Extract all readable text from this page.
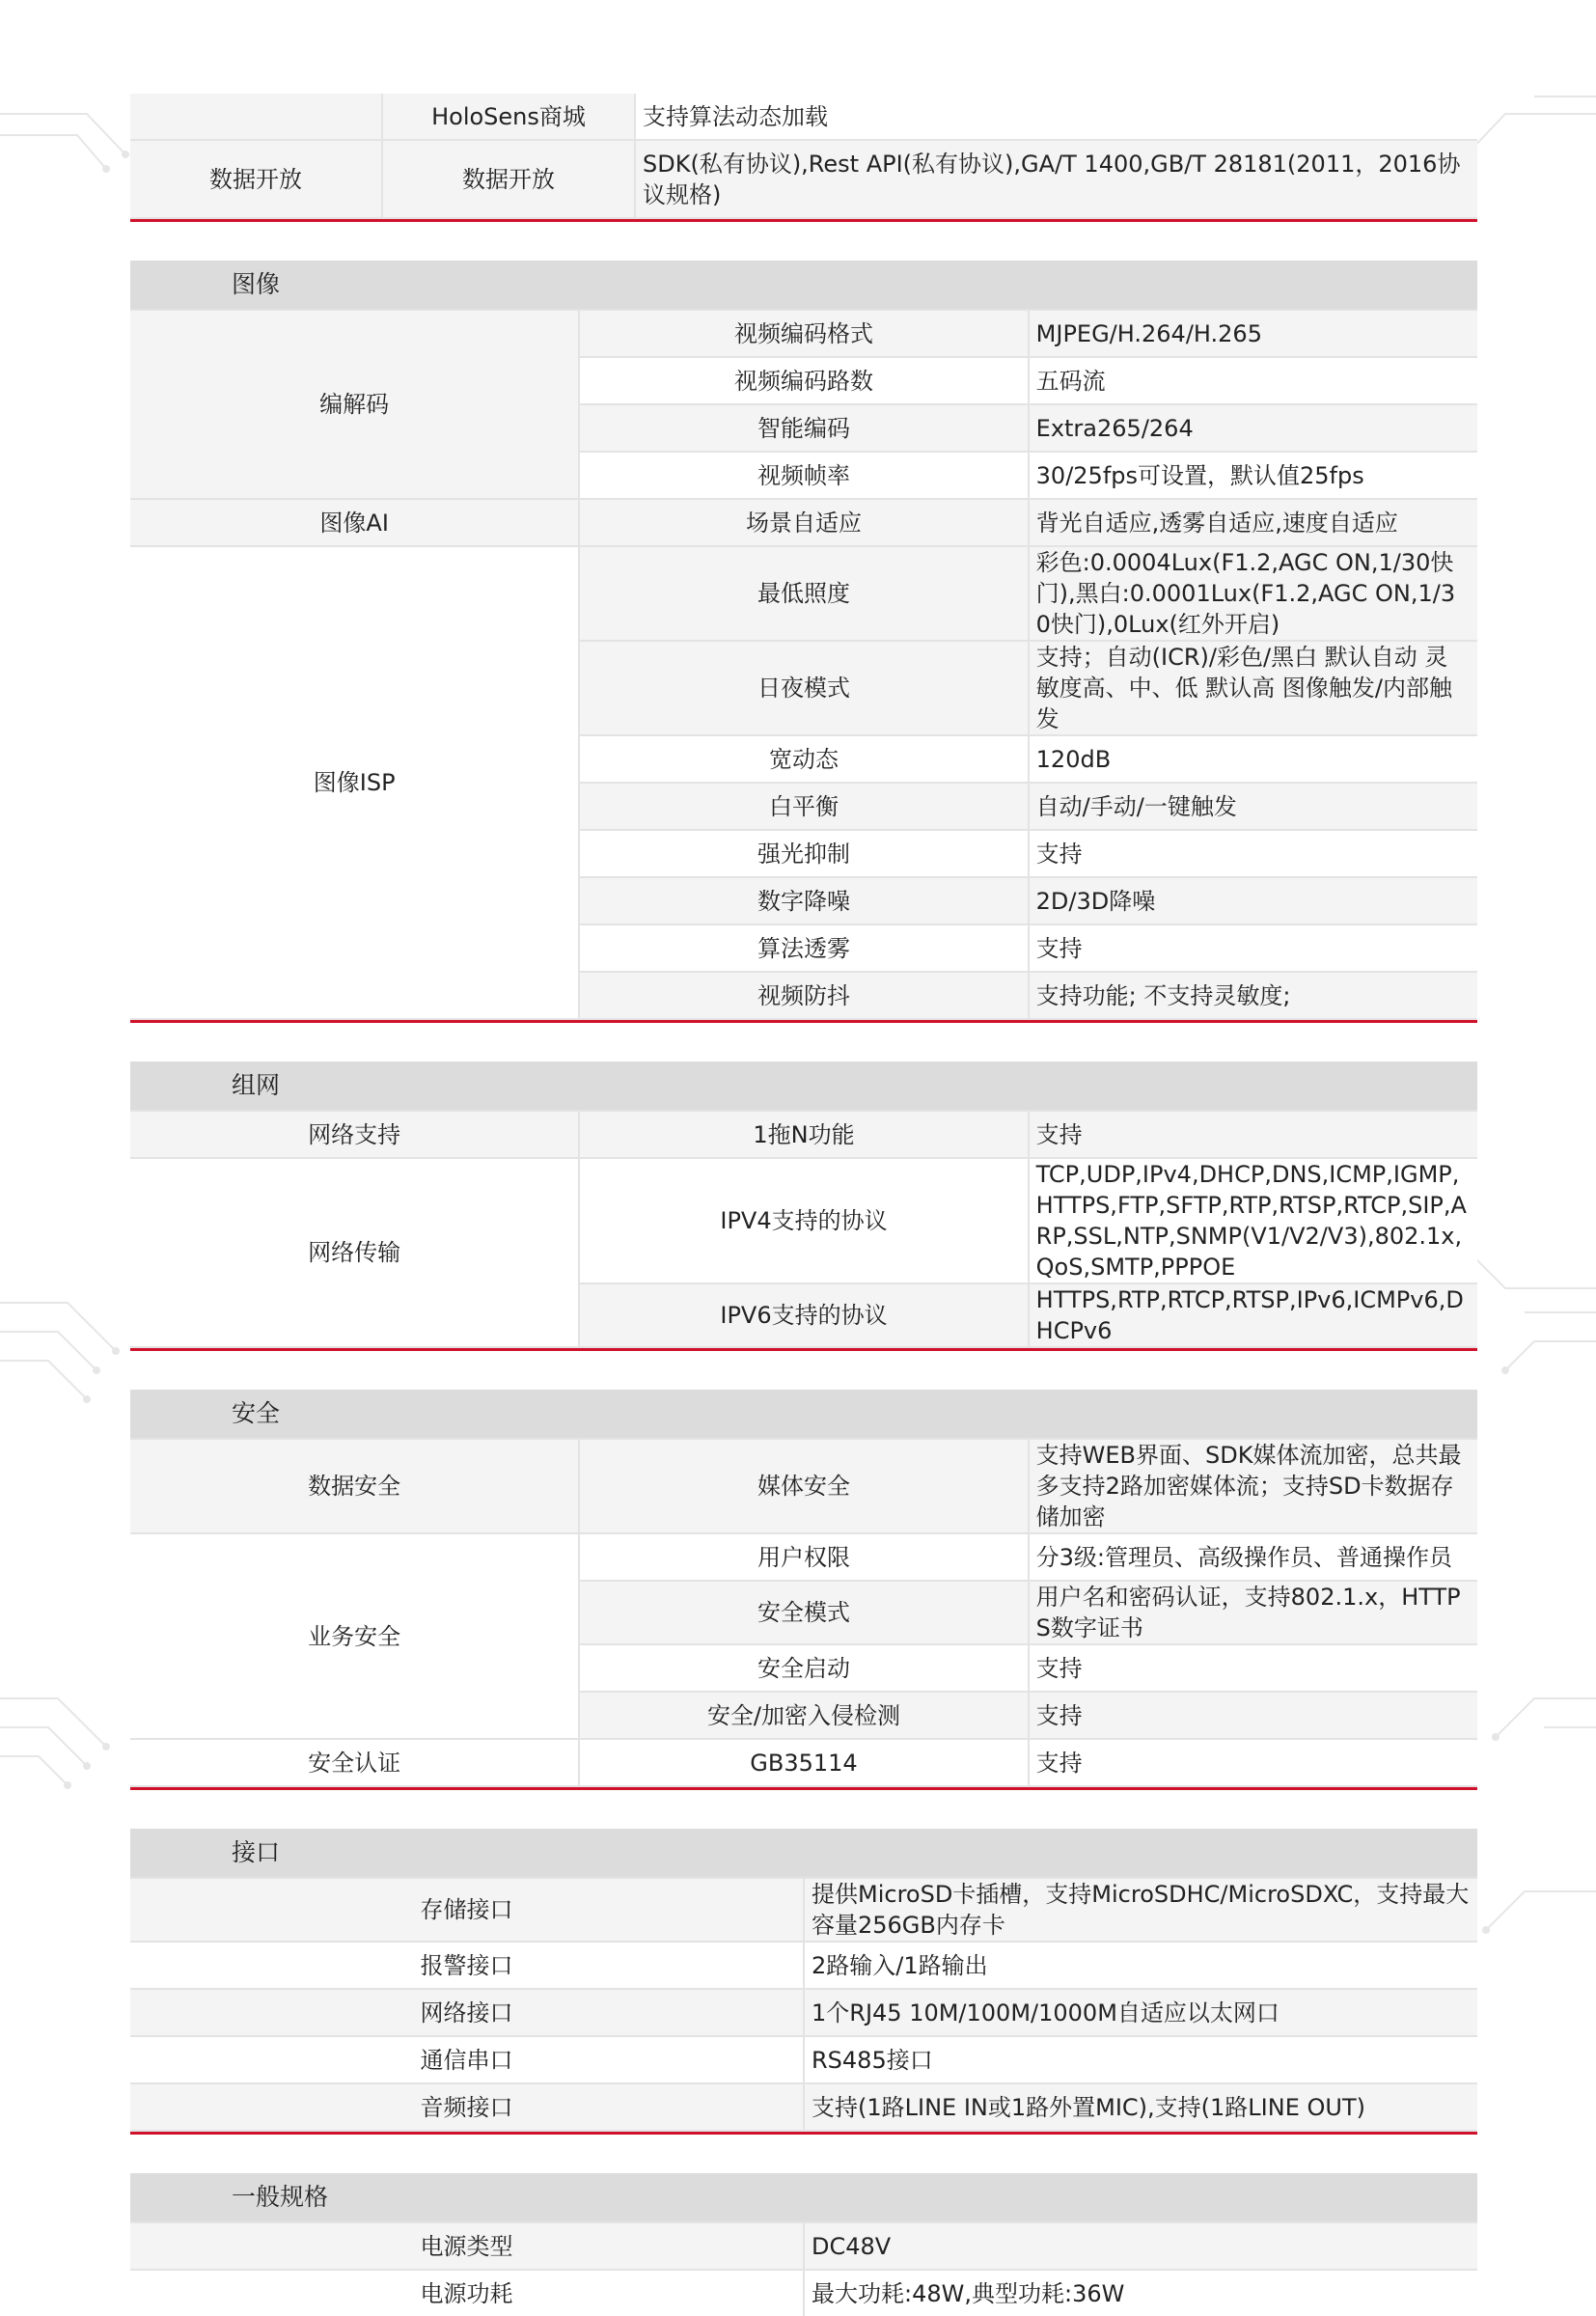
	HoloSens商城	支持算法动态加载
数据开放	数据开放	SDK(私有协议),Rest API(私有协议),GA/T 1400,GB/T 28181(2011，2016协议规格)
图像		
编解码	视频编码格式	MJPEG/H.264/H.265
	视频编码路数	五码流
	智能编码	Extra265/264
	视频帧率	30/25fps可设置，默认值25fps
图像AI	场景自适应	背光自适应,透雾自适应,速度自适应
图像ISP	最低照度	彩色:0.0004Lux(F1.2,AGC ON,1/30快门),黑白:0.0001Lux(F1.2,AGC ON,1/30快门),0Lux(红外开启)
	日夜模式	支持；自动(ICR)/彩色/黑白 默认自动 灵敏度高、中、低 默认高 图像触发/内部触发
	宽动态	120dB
	白平衡	自动/手动/一键触发
	强光抑制	支持
	数字降噪	2D/3D降噪
	算法透雾	支持
	视频防抖	支持功能; 不支持灵敏度;
组网		
网络支持	1拖N功能	支持
网络传输	IPV4支持的协议	TCP,UDP,IPv4,DHCP,DNS,ICMP,IGMP,HTTPS,FTP,SFTP,RTP,RTSP,RTCP,SIP,ARP,SSL,NTP,SNMP(V1/V2/V3),802.1x,QoS,SMTP,PPPOE
	IPV6支持的协议	HTTPS,RTP,RTCP,RTSP,IPv6,ICMPv6,DHCPv6
安全		
数据安全	媒体安全	支持WEB界面、SDK媒体流加密，总共最多支持2路加密媒体流；支持SD卡数据存储加密
业务安全	用户权限	分3级:管理员、高级操作员、普通操作员
	安全模式	用户名和密码认证，支持802.1.x，HTTPS数字证书
	安全启动	支持
	安全/加密入侵检测	支持
安全认证	GB35114	支持
接口	
存储接口	提供MicroSD卡插槽，支持MicroSDHC/MicroSDXC，支持最大容量256GB内存卡
报警接口	2路输入/1路输出
网络接口	1个RJ45 10M/100M/1000M自适应以太网口
通信串口	RS485接口
音频接口	支持(1路LINE IN或1路外置MIC),支持(1路LINE OUT)
一般规格	
电源类型	DC48V
电源功耗	最大功耗:48W,典型功耗:36W
